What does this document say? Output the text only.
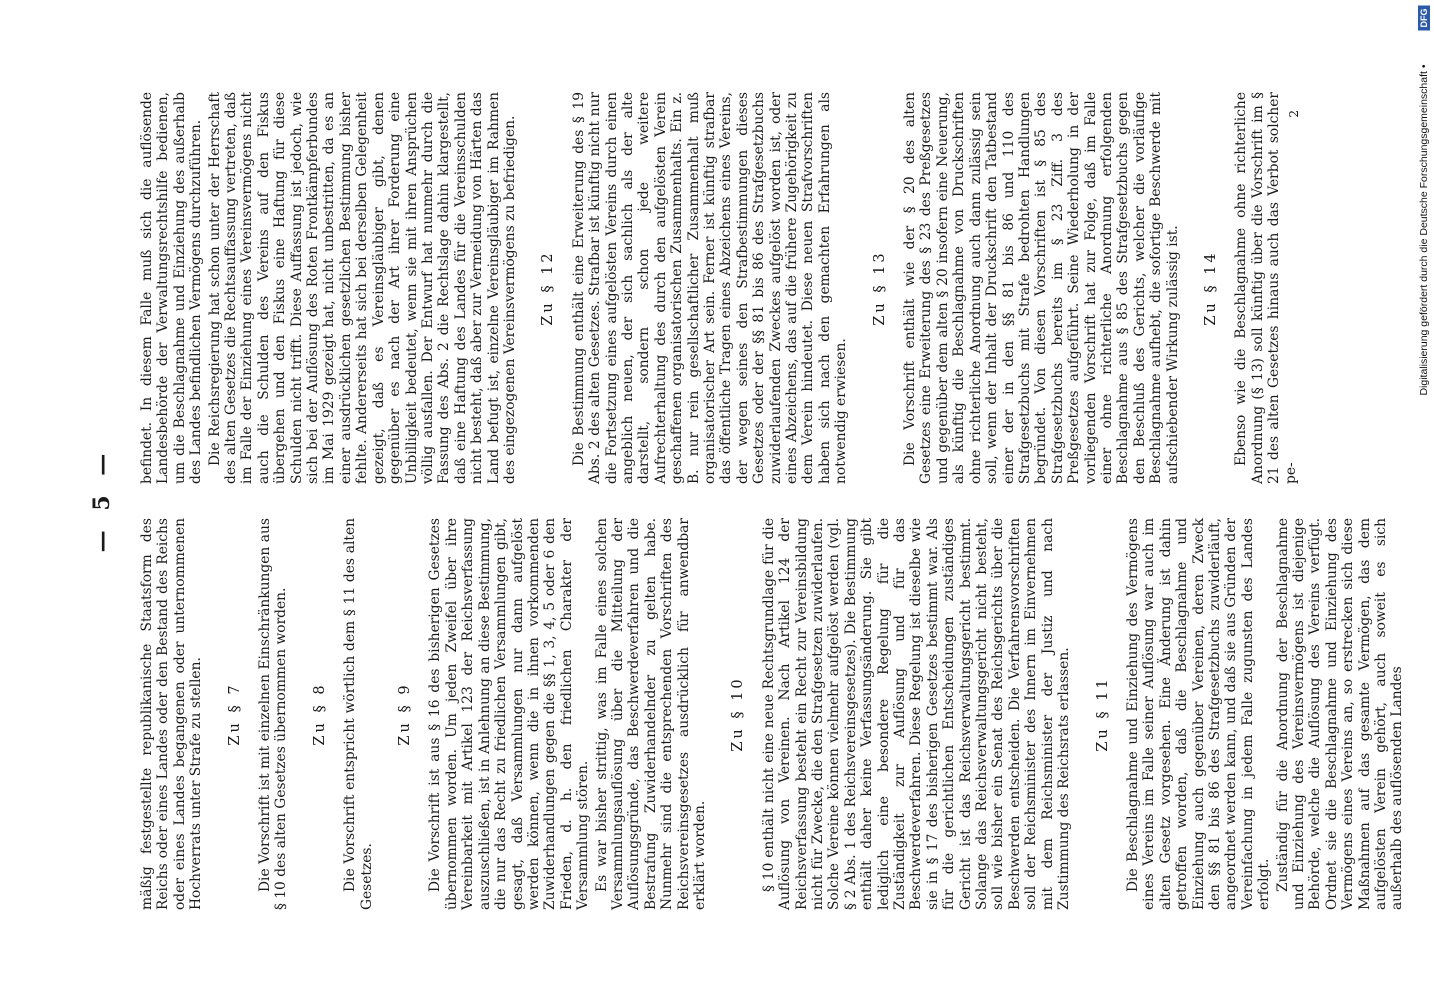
— 5 —

mäßig festgestellte republikanische Staatsform des Reichs oder eines Landes oder den Bestand des Reichs oder eines Landes begangenen oder unternommenen Hochverrats unter Strafe zu stellen. Zu § 7 Die Vorschrift ist mit einzelnen Einschränkungen aus § 10 des alten Gesetzes übernommen worden. Zu § 8 Die Vorschrift entspricht wörtlich dem § 11 des alten Gesetzes.

Zu § 9 Die Vorschrift ist aus § 16 des bisherigen Gesetzes übernommen worden. Um jeden Zweifel über ihre Vereinbarkeit mit Artikel 123 der Reichsverfassung auszuschließen, ist in Anlehnung an diese Bestimmung, die nur das Recht zu friedlichen Versammlungen gibt, gesagt, daß Versammlungen nur dann aufgelöst werden können, wenn die in ihnen vorkommenden Zuwiderhandlungen gegen die §§ 1, 3, 4, 5 oder 6 den Frieden, d. h. den friedlichen Charakter der Versammlung stören. Es war bisher strittig, was im Falle eines solchen Versammlungsauflösung über die Mitteilung der Auflösungsgründe, das Beschwerdeverfahren und die Bestrafung Zuwiderhandelnder zu gelten habe. Nunmehr sind die entsprechenden Vorschriften des Reichsvereinsgesetzes ausdrücklich für anwendbar erklärt worden.

Zu § 10 § 10 enthält nicht eine neue Rechtsgrundlage für die Auflösung von Vereinen. Nach Artikel 124 der Reichsverfassung besteht ein Recht zur Vereinsbildung nicht für Zwecke, die den Strafgesetzen zuwiderlaufen. Solche Vereine können vielmehr aufgelöst werden (vgl. § 2 Abs. 1 des Reichsvereinsgesetzes). Die Bestimmung enthält daher keine Verfassungsänderung. Sie gibt lediglich eine besondere Regelung für die Zuständigkeit zur Auflösung und für das Beschwerdeverfahren. Diese Regelung ist dieselbe wie sie in § 17 des bisherigen Gesetzes bestimmt war. Als für die gerichtlichen Entscheidungen zuständiges Gericht ist das Reichsverwaltungsgericht bestimmt. Solange das Reichsverwaltungsgericht nicht besteht, soll wie bisher ein Senat des Reichsgerichts über die Beschwerden entscheiden. Die Verfahrensvorschriften soll der Reichsminister des Innern im Einvernehmen mit dem Reichsminister der Justiz und nach Zustimmung des Reichsrats erlassen. Zu § 11 Die Beschlagnahme und Einziehung des Vermögens eines Vereins im Falle seiner Auflösung war auch im alten Gesetz vorgesehen. Eine Änderung ist dahin getroffen worden, daß die Beschlagnahme und Einziehung auch gegenüber Vereinen, deren Zweck den §§ 81 bis 86 des Strafgesetzbuchs zuwiderläuft, angeordnet werden kann, und daß sie aus Gründen der Vereinfachung in jedem Falle zugunsten des Landes erfolgt. Zuständig für die Anordnung der Beschlagnahme und Einziehung des Vereinsvermögens ist diejenige Behörde, welche die Auflösung des Vereins verfügt. Ordnet sie die Beschlagnahme und Einziehung des Vermögens eines Vereins an, so erstrecken sich diese Maßnahmen auf das gesamte Vermögen, das dem aufgelösten Verein gehört, auch soweit es sich außerhalb des auflösenden Landes

befindet. In diesem Falle muß sich die auflösende Landesbehörde der Verwaltungsrechtshilfe bedienen, um die Beschlagnahme und Einziehung des außerhalb des Landes befindlichen Vermögens durchzuführen. Die Reichsregierung hat schon unter der Herrschaft des alten Gesetzes die Rechtsauffassung vertreten, daß im Falle der Einziehung eines Vereinsvermögens nicht auch die Schulden des Vereins auf den Fiskus übergehen und den Fiskus eine Haftung für diese Schulden nicht trifft. Diese Auffassung ist jedoch, wie sich bei der Auflösung des Roten Frontkämpferbundes im Mai 1929 gezeigt hat, nicht unbestritten, da es an einer ausdrücklichen gesetzlichen Bestimmung bisher fehlte. Andererseits hat sich bei derselben Gelegenheit gezeigt, daß es Vereinsgläubiger gibt, denen gegenüber es nach der Art ihrer Forderung eine Unbilligkeit bedeutet, wenn sie mit ihren Ansprüchen völlig ausfallen. Der Entwurf hat nunmehr durch die Fassung des Abs. 2 die Rechtslage dahin klargestellt, daß eine Haftung des Landes für die Vereinsschulden nicht besteht, daß aber zur Vermeidung von Härten das Land befugt ist, einzelne Vereinsgläubiger im Rahmen des eingezogenen Vereinsvermögens zu befriedigen. Zu § 12 Die Bestimmung enthält eine Erweiterung des § 19 Abs. 2 des alten Gesetzes. Strafbar ist künftig nicht nur die Fortsetzung eines aufgelösten Vereins durch einen angeblich neuen, der sich sachlich als der alte darstellt, sondern schon jede weitere Aufrechterhaltung des durch den aufgelösten Verein geschaffenen organisatorischen Zusammenhalts. Ein z. B. nur rein gesellschaftlicher Zusammenhalt muß organisatorischer Art sein. Ferner ist künftig strafbar das öffentliche Tragen eines Abzeichens eines Vereins, der wegen seines den Strafbestimmungen dieses Gesetzes oder der §§ 81 bis 86 des Strafgesetzbuchs zuwiderlaufenden Zweckes aufgelöst worden ist, oder eines Abzeichens, das auf die frühere Zugehörigkeit zu dem Verein hindeutet. Diese neuen Strafvorschriften haben sich nach den gemachten Erfahrungen als notwendig erwiesen.

Zu § 13 Die Vorschrift enthält wie der § 20 des alten Gesetzes eine Erweiterung des § 23 des Preßgesetzes und gegenüber dem alten § 20 insofern eine Neuerung, als künftig die Beschlagnahme von Druckschriften ohne richterliche Anordnung auch dann zulässig sein soll, wenn der Inhalt der Druckschrift den Tatbestand einer der in den §§ 81 bis 86 und 110 des Strafgesetzbuchs mit Strafe bedrohten Handlungen begründet. Von diesen Vorschriften ist § 85 des Strafgesetzbuchs bereits im § 23 Ziff. 3 des Preßgesetzes aufgeführt. Seine Wiederholung in der vorliegenden Vorschrift hat zur Folge, daß im Falle einer ohne richterliche Anordnung erfolgenden Beschlagnahme aus § 85 des Strafgesetzbuchs gegen den Beschluß des Gerichts, welcher die vorläufige Beschlagnahme aufhebt, die sofortige Beschwerde mit aufschiebender Wirkung zulässig ist. Zu § 14 Ebenso wie die Beschlagnahme ohne richterliche Anordnung (§ 13) soll künftig über die Vorschrift im § 21 des alten Gesetzes hinaus auch das Verbot solcher pe-

2
DFG
Digitalisierung gefördert durch die Deutsche Forschungsgemeinschaft •
